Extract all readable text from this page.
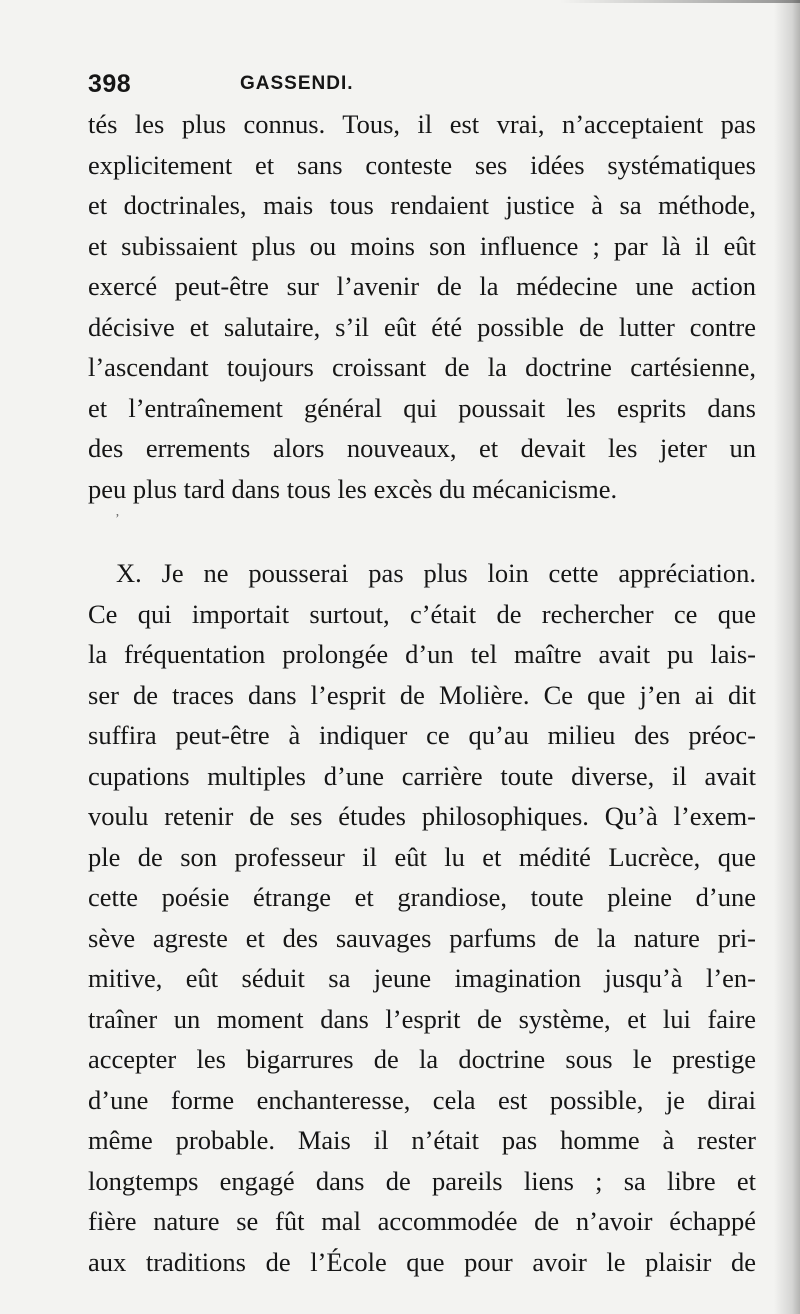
398	GASSENDI.
ʼ
tés les plus connus. Tous, il est vrai, n’acceptaient pas
explicitement et sans conteste ses idées systématiques
et doctrinales, mais tous rendaient justice à sa méthode,
et subissaient plus ou moins son influence ; par là il eût
exercé peut-être sur l’avenir de la médecine une action
décisive et salutaire, s’il eût été possible de lutter contre
l’ascendant toujours croissant de la doctrine cartésienne,
et l’entraînement général qui poussait les esprits dans
des errements alors nouveaux, et devait les jeter un
peu plus tard dans tous les excès du mécanicisme.
X. Je ne pousserai pas plus loin cette appréciation.
Ce qui importait surtout, c’était de rechercher ce que
la fréquentation prolongée d’un tel maître avait pu lais-
ser de traces dans l’esprit de Molière. Ce que j’en ai dit
suffira peut-être à indiquer ce qu’au milieu des préoc-
cupations multiples d’une carrière toute diverse, il avait
voulu retenir de ses études philosophiques. Qu’à l’exem-
ple de son professeur il eût lu et médité Lucrèce, que
cette poésie étrange et grandiose, toute pleine d’une
sève agreste et des sauvages parfums de la nature pri-
mitive, eût séduit sa jeune imagination jusqu’à l’en-
traîner un moment dans l’esprit de système, et lui faire
accepter les bigarrures de la doctrine sous le prestige
d’une forme enchanteresse, cela est possible, je dirai
même probable. Mais il n’était pas homme à rester
longtemps engagé dans de pareils liens ; sa libre et
fière nature se fût mal accommodée de n’avoir échappé
aux traditions de l’École que pour avoir le plaisir de
